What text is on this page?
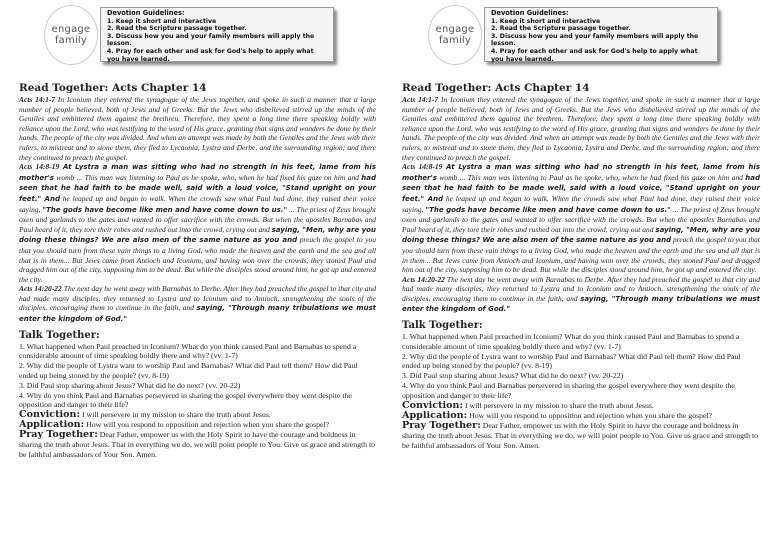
engage
family
Devotion Guidelines:
1. Keep it short and interactive
2. Read the Scripture passage together.
3. Discuss how you and your family members will apply the lesson.
4. Pray for each other and ask for God's help to apply what you have learned.
Read Together: Acts Chapter 14

Acts 14:1-7 In Iconium they entered the synagogue of the Jews together, and spoke in such a manner that a large number of people believed, both of Jews and of Greeks. But the Jews who disbelieved stirred up the minds of the Gentiles and embittered them against the brethren. Therefore, they spent a long time there speaking boldly with reliance upon the Lord, who was testifying to the word of His grace, granting that signs and wonders be done by their hands. The people of the city was divided. And when an attempt was made by both the Gentiles and the Jews with their rulers, to mistreat and to stone them, they fled to Lycaonia, Lystra and Derbe, and the surrounding region; and there they continued to preach the gospel.

Acts 14:8-19 At Lystra a man was sitting who had no strength in his feet, lame from his mother's womb ... This man was listening to Paul as he spoke, who, when he had fixed his gaze on him and had seen that he had faith to be made well, said with a loud voice, "Stand upright on your feet." And he leaped up and began to walk. When the crowds saw what Paul had done, they raised their voice saying, "The gods have become like men and have come down to us." ... The priest of Zeus brought oxen and garlands to the gates and wanted to offer sacrifice with the crowds. But when the apostles Barnabas and Paul heard of it, they tore their robes and rushed out into the crowd, crying out and saying, "Men, why are you doing these things? We are also men of the same nature as you and preach the gospel to you that you should turn from these vain things to a living God, who made the heaven and the earth and the sea and all that is in them... But Jews came from Antioch and Iconium, and having won over the crowds, they stoned Paul and dragged him out of the city, supposing him to be dead. But while the disciples stood around him, he got up and entered the city.

Acts 14:20-22 The next day he went away with Barnabas to Derbe. After they had preached the gospel to that city and had made many disciples, they returned to Lystra and to Iconium and to Antioch, strengthening the souls of the disciples, encouraging them to continue in the faith, and saying, "Through many tribulations we must enter the kingdom of God."

Talk Together:

1. What happened when Paul preached in Iconium? What do you think caused Paul and Barnabas to spend a considerable amount of time speaking boldly there and why? (vv. 1-7)

2. Why did the people of Lystra want to worship Paul and Barnabas? What did Paul tell them? How did Paul ended up being stoned by the people? (vv. 8-19)

3. Did Paul stop sharing about Jesus? What did he do next? (vv. 20-22)

4. Why do you think Paul and Barnabas persevered in sharing the gospel everywhere they went despite the opposition and danger to their life?

Conviction: I will persevere in my mission to share the truth about Jesus.

Application: How will you respond to opposition and rejection when you share the gospel?

Pray Together: Dear Father, empower us with the Holy Spirit to have the courage and boldness in sharing the truth about Jesus. That in everything we do, we will point people to You. Give us grace and strength to be faithful ambassadors of Your Son. Amen.

engage
family
Devotion Guidelines:
1. Keep it short and interactive
2. Read the Scripture passage together.
3. Discuss how you and your family members will apply the lesson.
4. Pray for each other and ask for God's help to apply what you have learned.
Read Together: Acts Chapter 14

Acts 14:1-7 In Iconium they entered the synagogue of the Jews together, and spoke in such a manner that a large number of people believed, both of Jews and of Greeks. But the Jews who disbelieved stirred up the minds of the Gentiles and embittered them against the brethren. Therefore, they spent a long time there speaking boldly with reliance upon the Lord, who was testifying to the word of His grace, granting that signs and wonders be done by their hands. The people of the city was divided. And when an attempt was made by both the Gentiles and the Jews with their rulers, to mistreat and to stone them, they fled to Lycaonia, Lystra and Derbe, and the surrounding region; and there they continued to preach the gospel.

Acts 14:8-19 At Lystra a man was sitting who had no strength in his feet, lame from his mother's womb ... This man was listening to Paul as he spoke, who, when he had fixed his gaze on him and had seen that he had faith to be made well, said with a loud voice, "Stand upright on your feet." And he leaped up and began to walk. When the crowds saw what Paul had done, they raised their voice saying, "The gods have become like men and have come down to us." ... The priest of Zeus brought oxen and garlands to the gates and wanted to offer sacrifice with the crowds. But when the apostles Barnabas and Paul heard of it, they tore their robes and rushed out into the crowd, crying out and saying, "Men, why are you doing these things? We are also men of the same nature as you and preach the gospel to you that you should turn from these vain things to a living God, who made the heaven and the earth and the sea and all that is in them... But Jews came from Antioch and Iconium, and having won over the crowds, they stoned Paul and dragged him out of the city, supposing him to be dead. But while the disciples stood around him, he got up and entered the city.

Acts 14:20-22 The next day he went away with Barnabas to Derbe. After they had preached the gospel to that city and had made many disciples, they returned to Lystra and to Iconium and to Antioch, strengthening the souls of the disciples, encouraging them to continue in the faith, and saying, "Through many tribulations we must enter the kingdom of God."

Talk Together:

1. What happened when Paul preached in Iconium? What do you think caused Paul and Barnabas to spend a considerable amount of time speaking boldly there and why? (vv. 1-7)

2. Why did the people of Lystra want to worship Paul and Barnabas? What did Paul tell them? How did Paul ended up being stoned by the people? (vv. 8-19)

3. Did Paul stop sharing about Jesus? What did he do next? (vv. 20-22)

4. Why do you think Paul and Barnabas persevered in sharing the gospel everywhere they went despite the opposition and danger to their life?

Conviction: I will persevere in my mission to share the truth about Jesus.

Application: How will you respond to opposition and rejection when you share the gospel?

Pray Together: Dear Father, empower us with the Holy Spirit to have the courage and boldness in sharing the truth about Jesus. That in everything we do, we will point people to You. Give us grace and strength to be faithful ambassadors of Your Son. Amen.
